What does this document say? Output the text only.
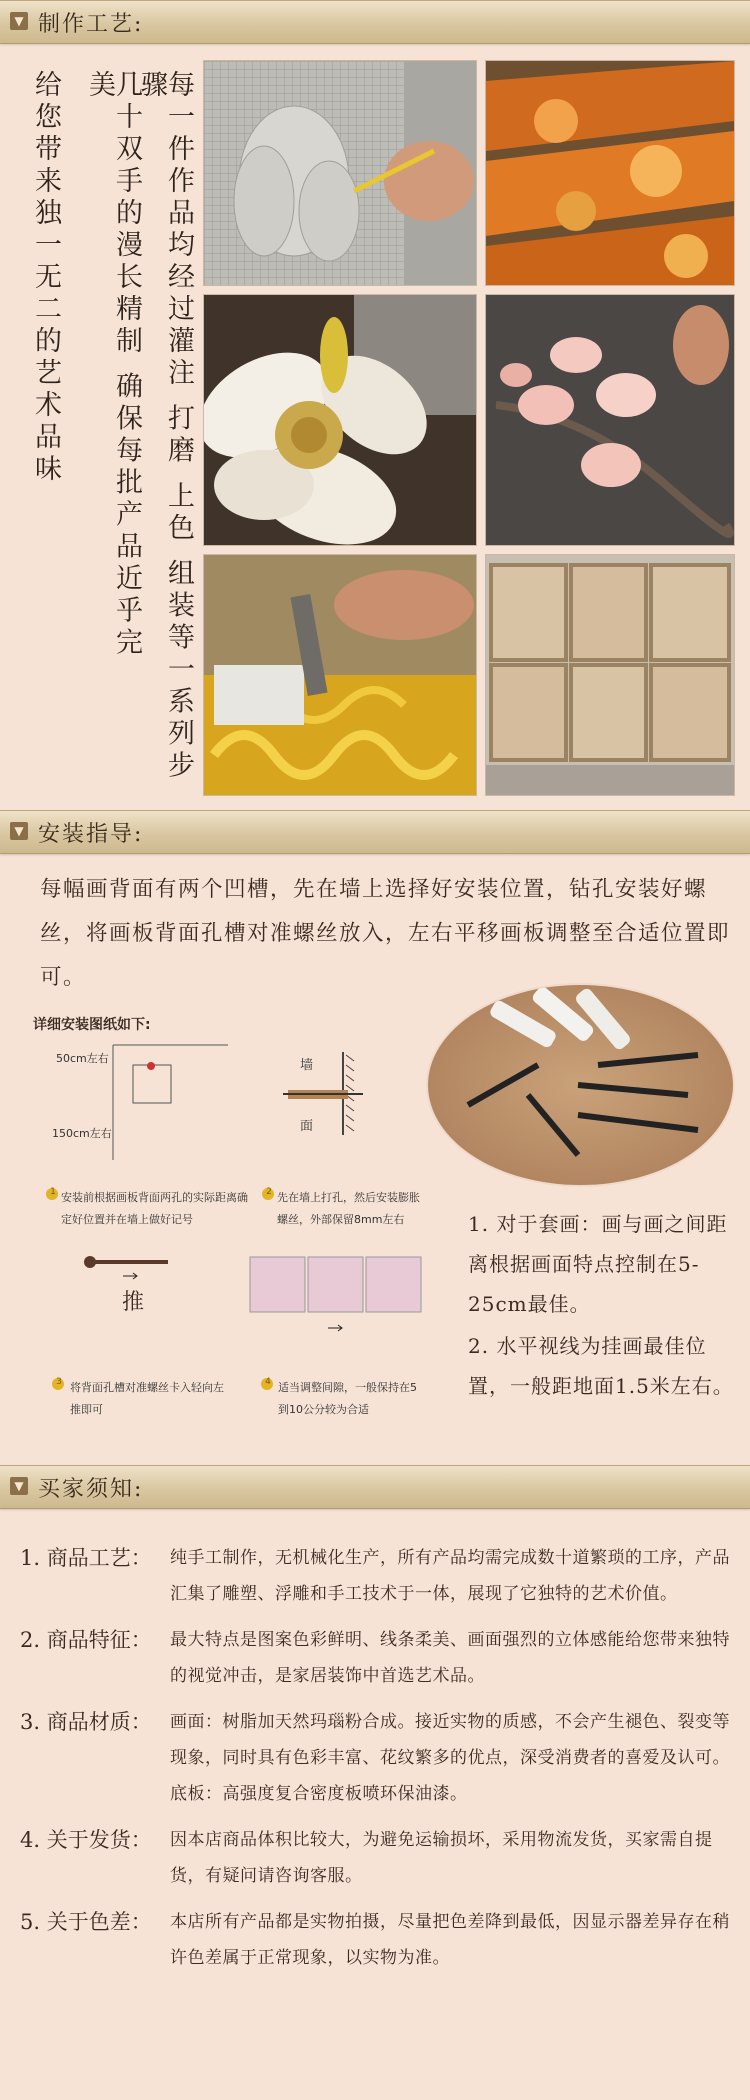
▼ 制作工艺:
每一件作品均经过灌注 打磨 上色 组装等一系列步骤
几十双手的漫长精制 确保每批产品近乎完美
给您带来独一无二的艺术品味
▼ 安装指导:
每幅画背面有两个凹槽，先在墙上选择好安装位置，钻孔安装好螺丝，将画板背面孔槽对准螺丝放入，左右平移画板调整至合适位置即可。
详细安装图纸如下:
50cm左右
150cm左右
墙
面
1 安装前根据画板背面两孔的实际距离确定好位置并在墙上做好记号
2 先在墙上打孔，然后安装膨胀螺丝，外部保留8mm左右
推
3 将背面孔槽对准螺丝卡入轻向左推即可
4 适当调整间隙，一般保持在5到10公分较为合适
1. 对于套画：画与画之间距离根据画面特点控制在5-25cm最佳。
2. 水平视线为挂画最佳位置，一般距地面1.5米左右。
▼ 买家须知:
1. 商品工艺：	纯手工制作，无机械化生产，所有产品均需完成数十道繁琐的工序，产品汇集了雕塑、浮雕和手工技术于一体，展现了它独特的艺术价值。
2. 商品特征：	最大特点是图案色彩鲜明、线条柔美、画面强烈的立体感能给您带来独特的视觉冲击，是家居装饰中首选艺术品。
3. 商品材质：	画面：树脂加天然玛瑙粉合成。接近实物的质感，不会产生褪色、裂变等现象，同时具有色彩丰富、花纹繁多的优点，深受消费者的喜爱及认可。
底板：高强度复合密度板喷环保油漆。
4. 关于发货：	因本店商品体积比较大，为避免运输损坏，采用物流发货，买家需自提货，有疑问请咨询客服。
5. 关于色差：	本店所有产品都是实物拍摄，尽量把色差降到最低，因显示器差异存在稍许色差属于正常现象，以实物为准。
